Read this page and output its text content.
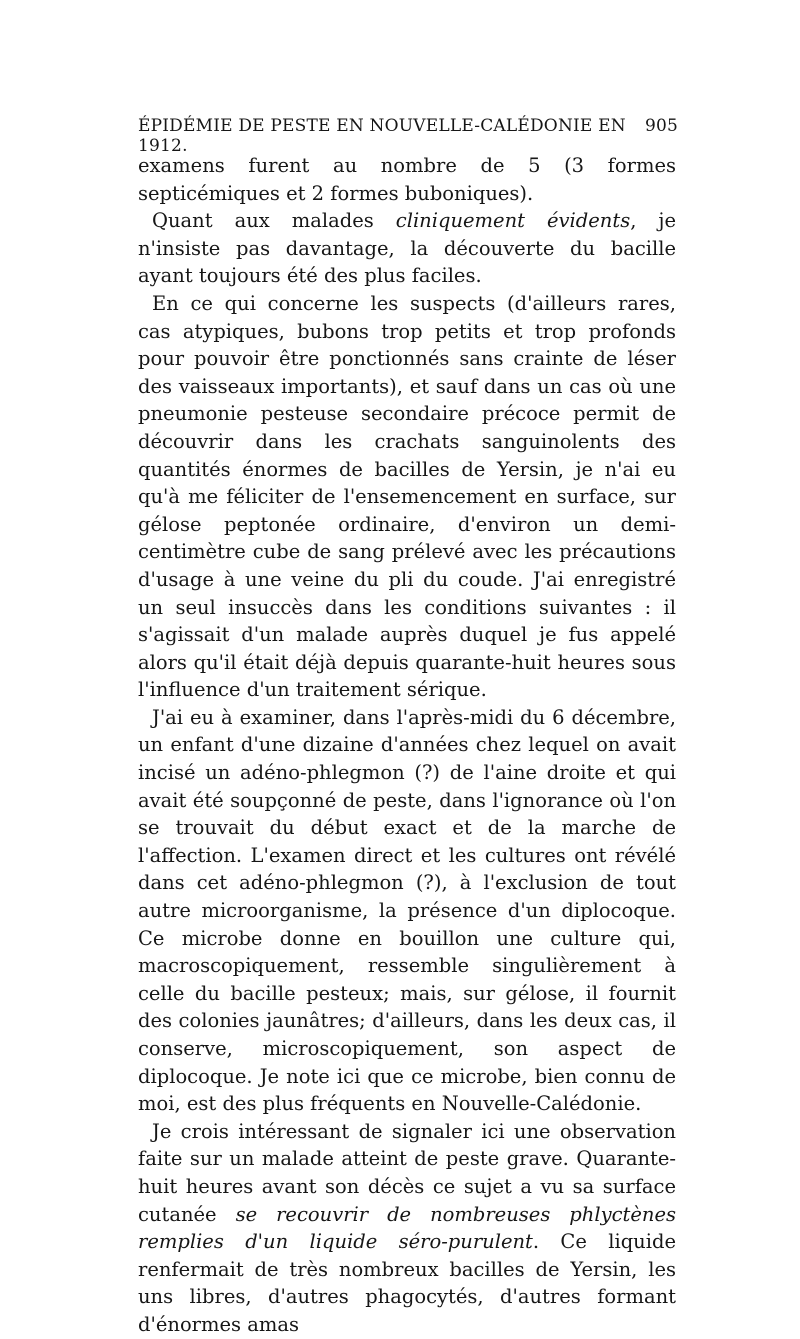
ÉPIDÉMIE DE PESTE EN NOUVELLE-CALÉDONIE EN 1912.
905

examens furent au nombre de 5 (3 formes septicémiques et 2 formes buboniques).

Quant aux malades cliniquement évidents, je n'insiste pas davantage, la découverte du bacille ayant toujours été des plus faciles.

En ce qui concerne les suspects (d'ailleurs rares, cas atypiques, bubons trop petits et trop profonds pour pouvoir être ponctionnés sans crainte de léser des vaisseaux importants), et sauf dans un cas où une pneumonie pesteuse secondaire précoce permit de découvrir dans les crachats sanguinolents des quantités énormes de bacilles de Yersin, je n'ai eu qu'à me féliciter de l'ensemencement en surface, sur gélose peptonée ordinaire, d'environ un demi-centimètre cube de sang prélevé avec les précautions d'usage à une veine du pli du coude. J'ai enregistré un seul insuccès dans les conditions suivantes : il s'agissait d'un malade auprès duquel je fus appelé alors qu'il était déjà depuis quarante-huit heures sous l'influence d'un traitement sérique.

J'ai eu à examiner, dans l'après-midi du 6 décembre, un enfant d'une dizaine d'années chez lequel on avait incisé un adéno-phlegmon (?) de l'aine droite et qui avait été soupçonné de peste, dans l'ignorance où l'on se trouvait du début exact et de la marche de l'affection. L'examen direct et les cultures ont révélé dans cet adéno-phlegmon (?), à l'exclusion de tout autre microorganisme, la présence d'un diplocoque. Ce microbe donne en bouillon une culture qui, macroscopiquement, ressemble singulièrement à celle du bacille pesteux; mais, sur gélose, il fournit des colonies jaunâtres; d'ailleurs, dans les deux cas, il conserve, microscopiquement, son aspect de diplocoque. Je note ici que ce microbe, bien connu de moi, est des plus fréquents en Nouvelle-Calédonie.

Je crois intéressant de signaler ici une observation faite sur un malade atteint de peste grave. Quarante-huit heures avant son décès ce sujet a vu sa surface cutanée se recouvrir de nombreuses phlyctènes remplies d'un liquide séro-purulent. Ce liquide renfermait de très nombreux bacilles de Yersin, les uns libres, d'autres phagocytés, d'autres formant d'énormes amas
